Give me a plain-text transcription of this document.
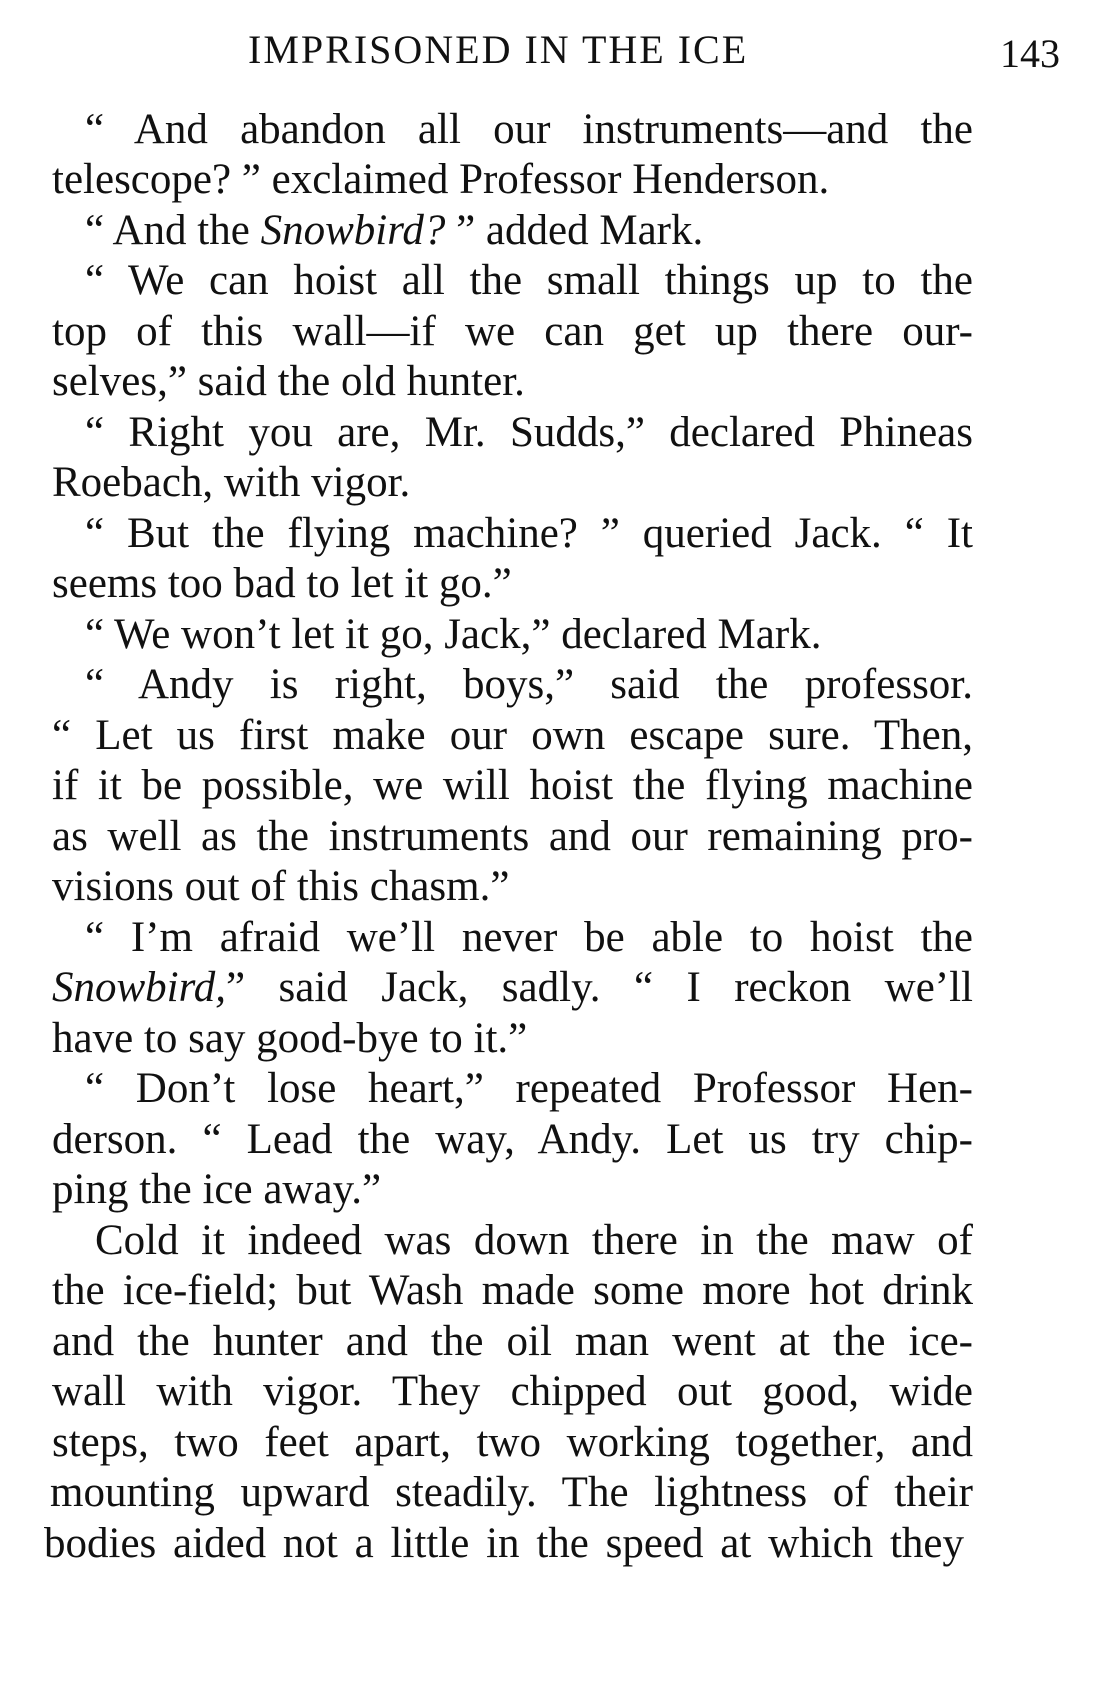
IMPRISONED IN THE ICE	143
“ And abandon all our instruments—and the
telescope? ” exclaimed Professor Henderson.
“ And the Snowbird? ” added Mark.
“ We can hoist all the small things up to the
top of this wall—if we can get up there our-
selves,” said the old hunter.
“ Right you are, Mr. Sudds,” declared Phineas
Roebach, with vigor.
“ But the flying machine? ” queried Jack. “ It
seems too bad to let it go.”
“ We won’t let it go, Jack,” declared Mark.
“ Andy is right, boys,” said the professor.
“ Let us first make our own escape sure. Then,
if it be possible, we will hoist the flying machine
as well as the instruments and our remaining pro-
visions out of this chasm.”
“ I’m afraid we’ll never be able to hoist the
Snowbird,” said Jack, sadly. “ I reckon we’ll
have to say good-bye to it.”
“ Don’t lose heart,” repeated Professor Hen-
derson. “ Lead the way, Andy. Let us try chip-
ping the ice away.”
Cold it indeed was down there in the maw of
the ice-field; but Wash made some more hot drink
and the hunter and the oil man went at the ice-
wall with vigor. They chipped out good, wide
steps, two feet apart, two working together, and
mounting upward steadily. The lightness of their
bodies aided not a little in the speed at which they
